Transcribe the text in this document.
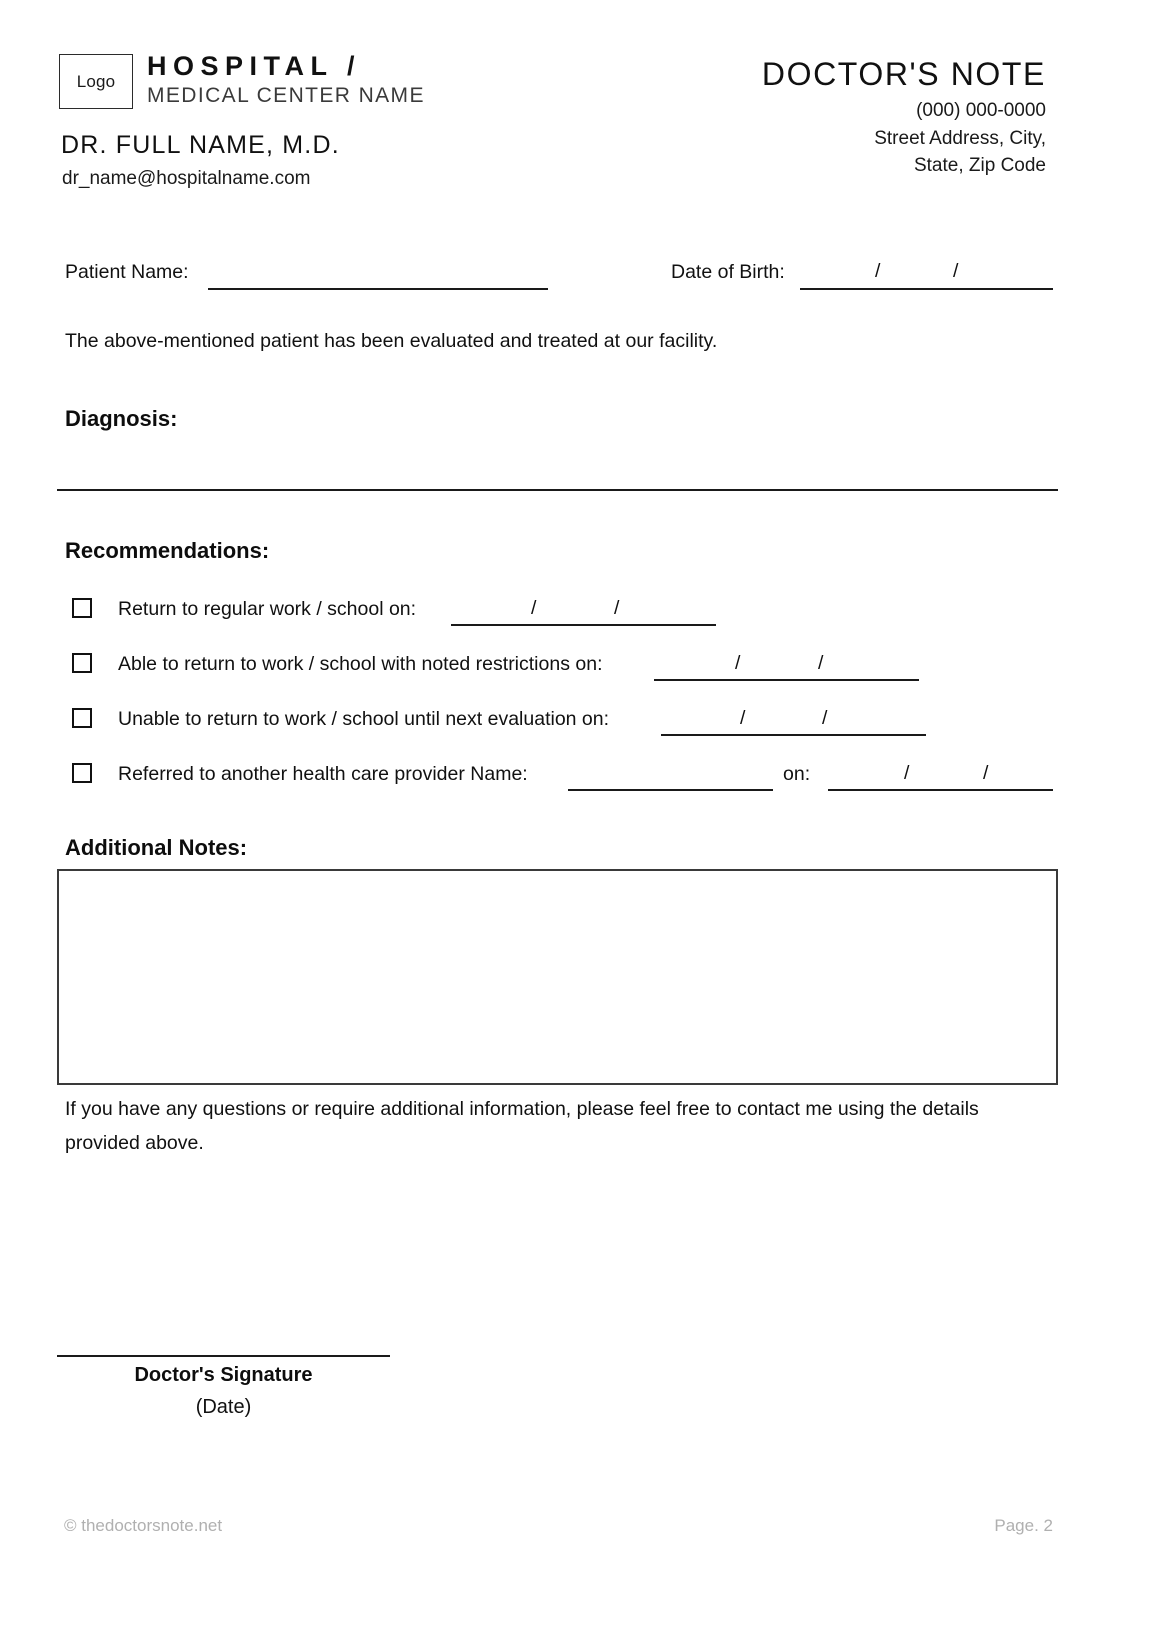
Logo HOSPITAL /
MEDICAL CENTER NAME
DR. FULL NAME, M.D.
dr_name@hospitalname.com
DOCTOR'S NOTE
(000) 000-0000
Street Address, City,
State, Zip Code
Patient Name:	Date of Birth:	/	/
The above-mentioned patient has been evaluated and treated at our facility.
Diagnosis:
Recommendations:
Return to regular work / school on:	/	/
Able to return to work / school with noted restrictions on:	/	/
Unable to return to work / school until next evaluation on:	/	/
Referred to another health care provider Name:	on:	/	/
Additional Notes:
If you have any questions or require additional information, please feel free to contact me using the details provided above.
Doctor's Signature
(Date)
© thedoctorsnote.net	Page. 2
